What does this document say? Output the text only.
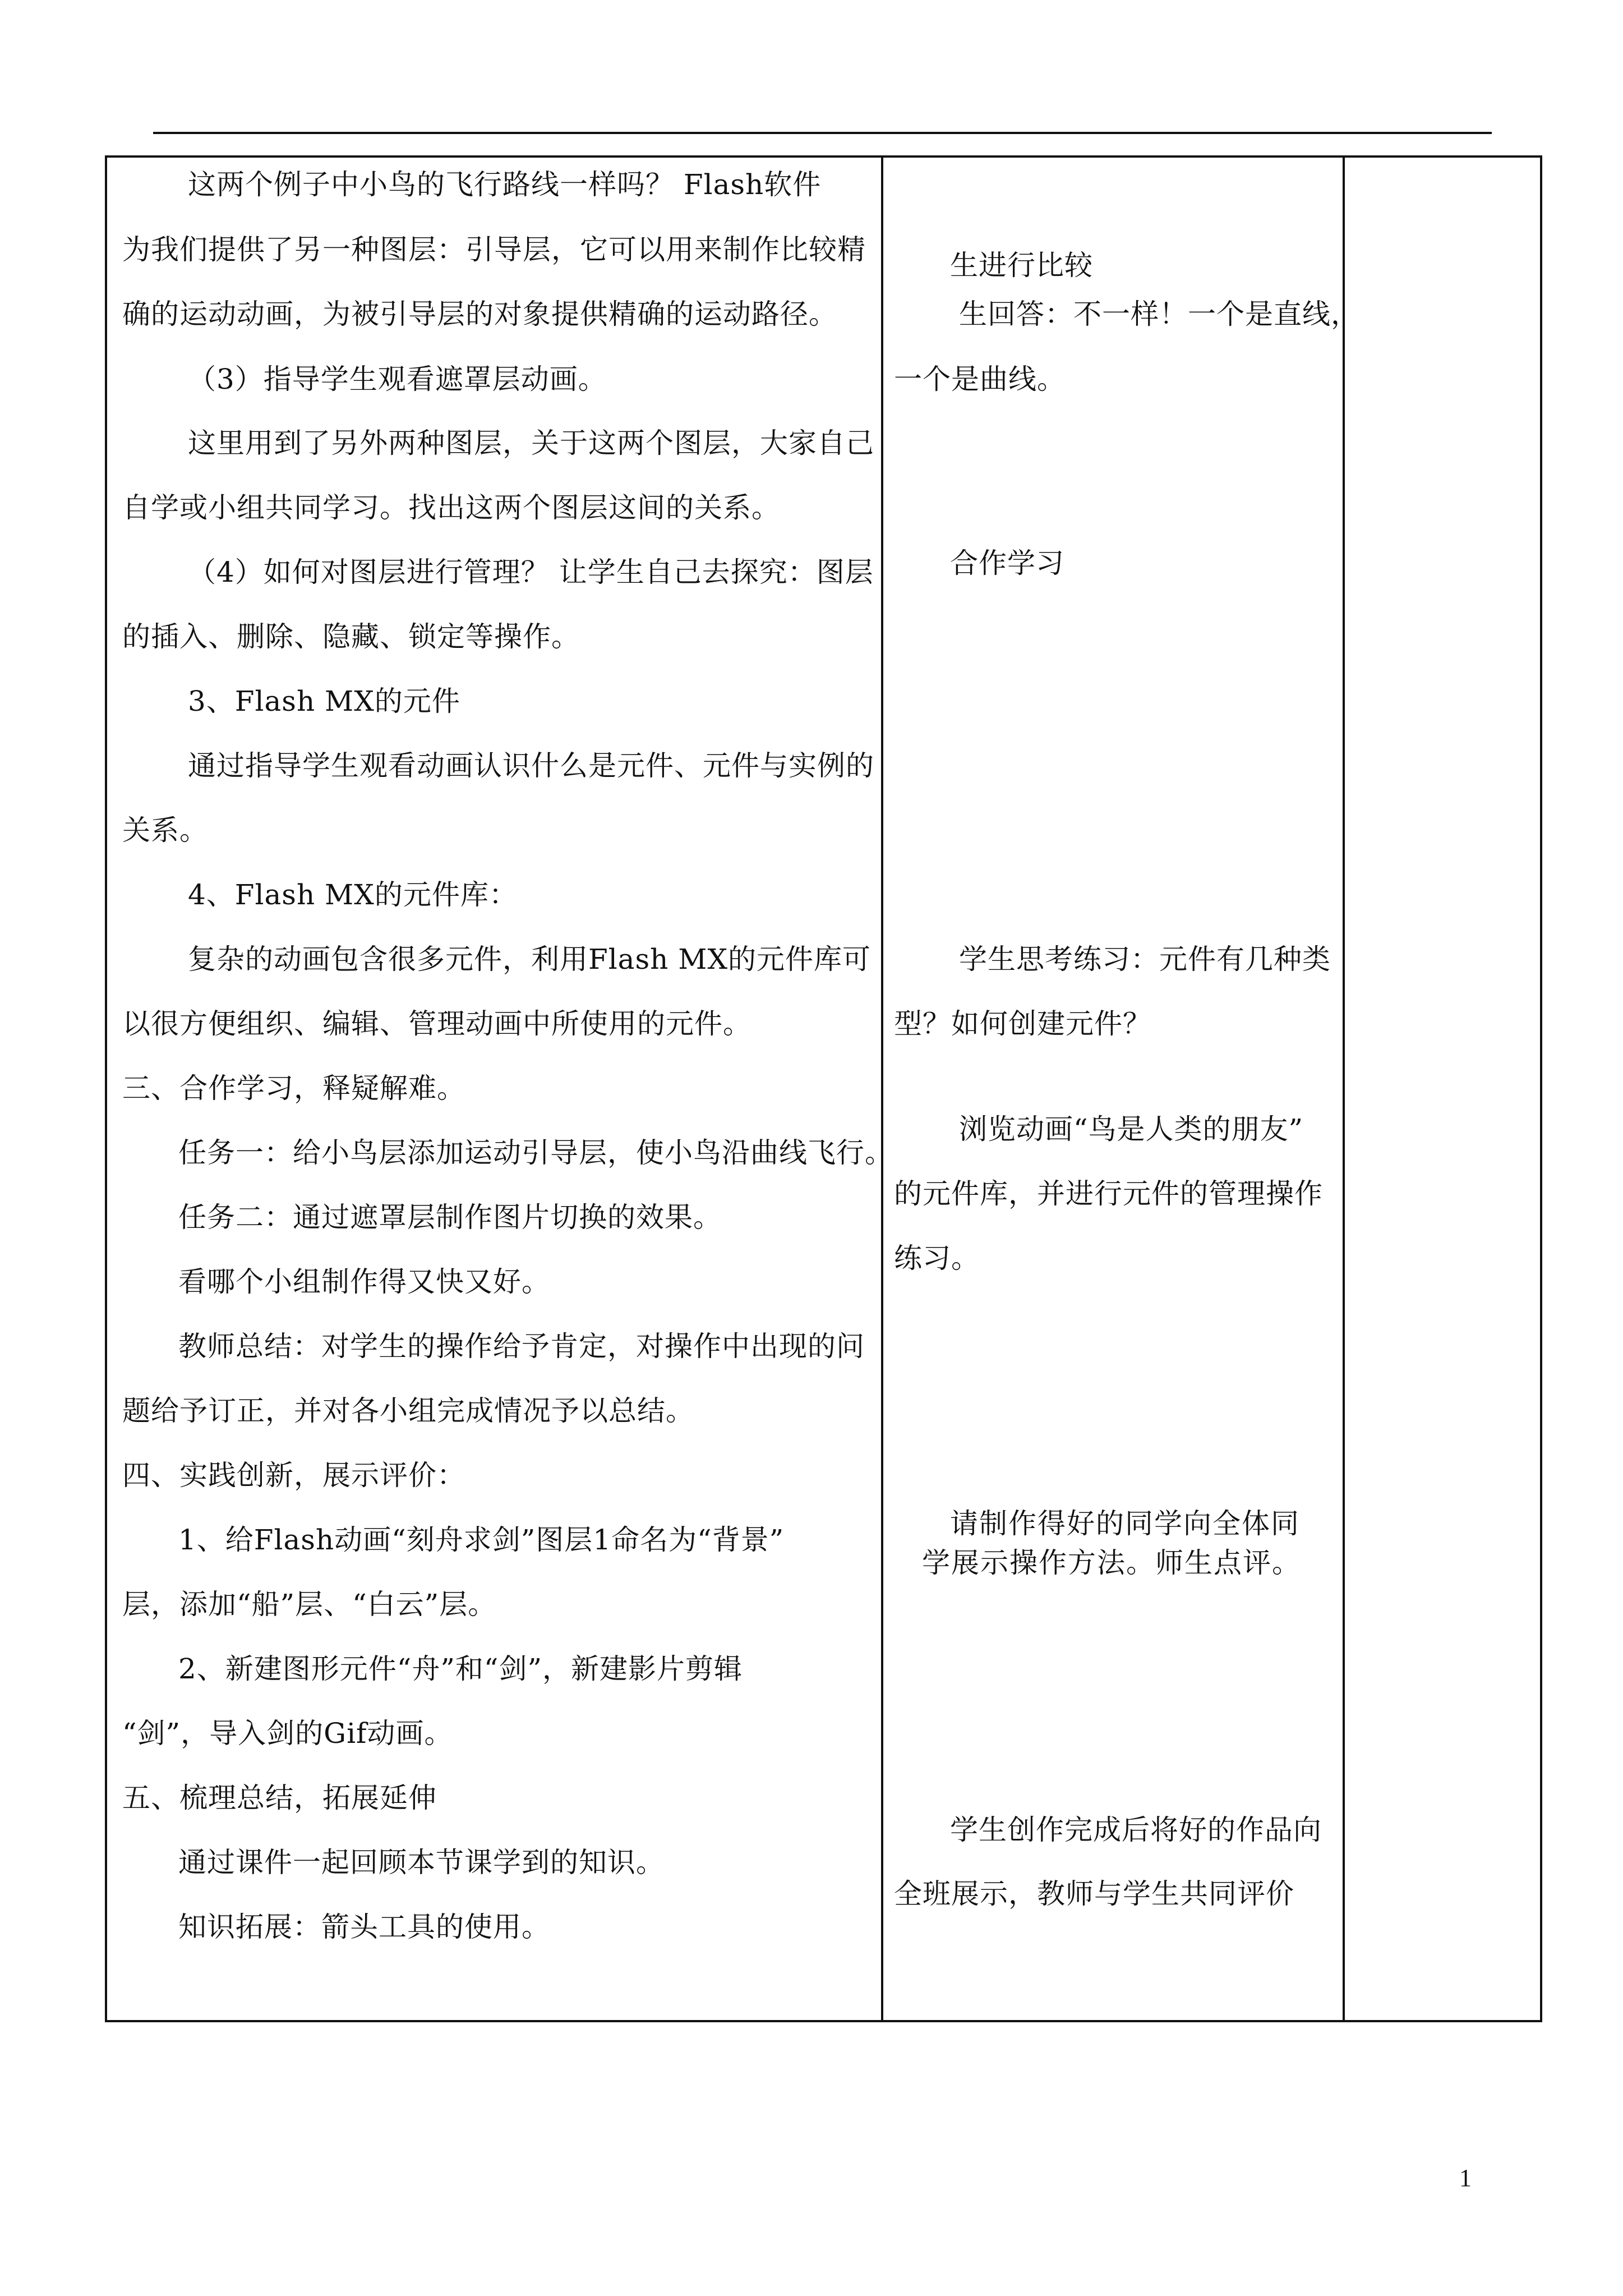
这两个例子中小鸟的飞行路线一样吗？ Flash软件
为我们提供了另一种图层：引导层，它可以用来制作比较精
确的运动动画，为被引导层的对象提供精确的运动路径。
（3）指导学生观看遮罩层动画。
这里用到了另外两种图层，关于这两个图层，大家自己
自学或小组共同学习。找出这两个图层这间的关系。
（4）如何对图层进行管理？ 让学生自己去探究：图层
的插入、删除、隐藏、锁定等操作。
3、Flash MX的元件
通过指导学生观看动画认识什么是元件、元件与实例的
关系。
4、Flash MX的元件库：
复杂的动画包含很多元件，利用Flash MX的元件库可
以很方便组织、编辑、管理动画中所使用的元件。
三、合作学习，释疑解难。
任务一：给小鸟层添加运动引导层，使小鸟沿曲线飞行。
任务二：通过遮罩层制作图片切换的效果。
看哪个小组制作得又快又好。
教师总结：对学生的操作给予肯定，对操作中出现的问
题给予订正，并对各小组完成情况予以总结。
四、实践创新，展示评价：
1、给Flash动画“刻舟求剑”图层1命名为“背景”
层，添加“船”层、“白云”层。
2、新建图形元件“舟”和“剑”，新建影片剪辑
“剑”，导入剑的Gif动画。
五、梳理总结，拓展延伸
通过课件一起回顾本节课学到的知识。
知识拓展：箭头工具的使用。
生进行比较
生回答：不一样！一个是直线，
一个是曲线。
合作学习
学生思考练习：元件有几种类
型？如何创建元件？
浏览动画“鸟是人类的朋友”
的元件库，并进行元件的管理操作
练习。
请制作得好的同学向全体同
学展示操作方法。师生点评。
学生创作完成后将好的作品向
全班展示，教师与学生共同评价
1
